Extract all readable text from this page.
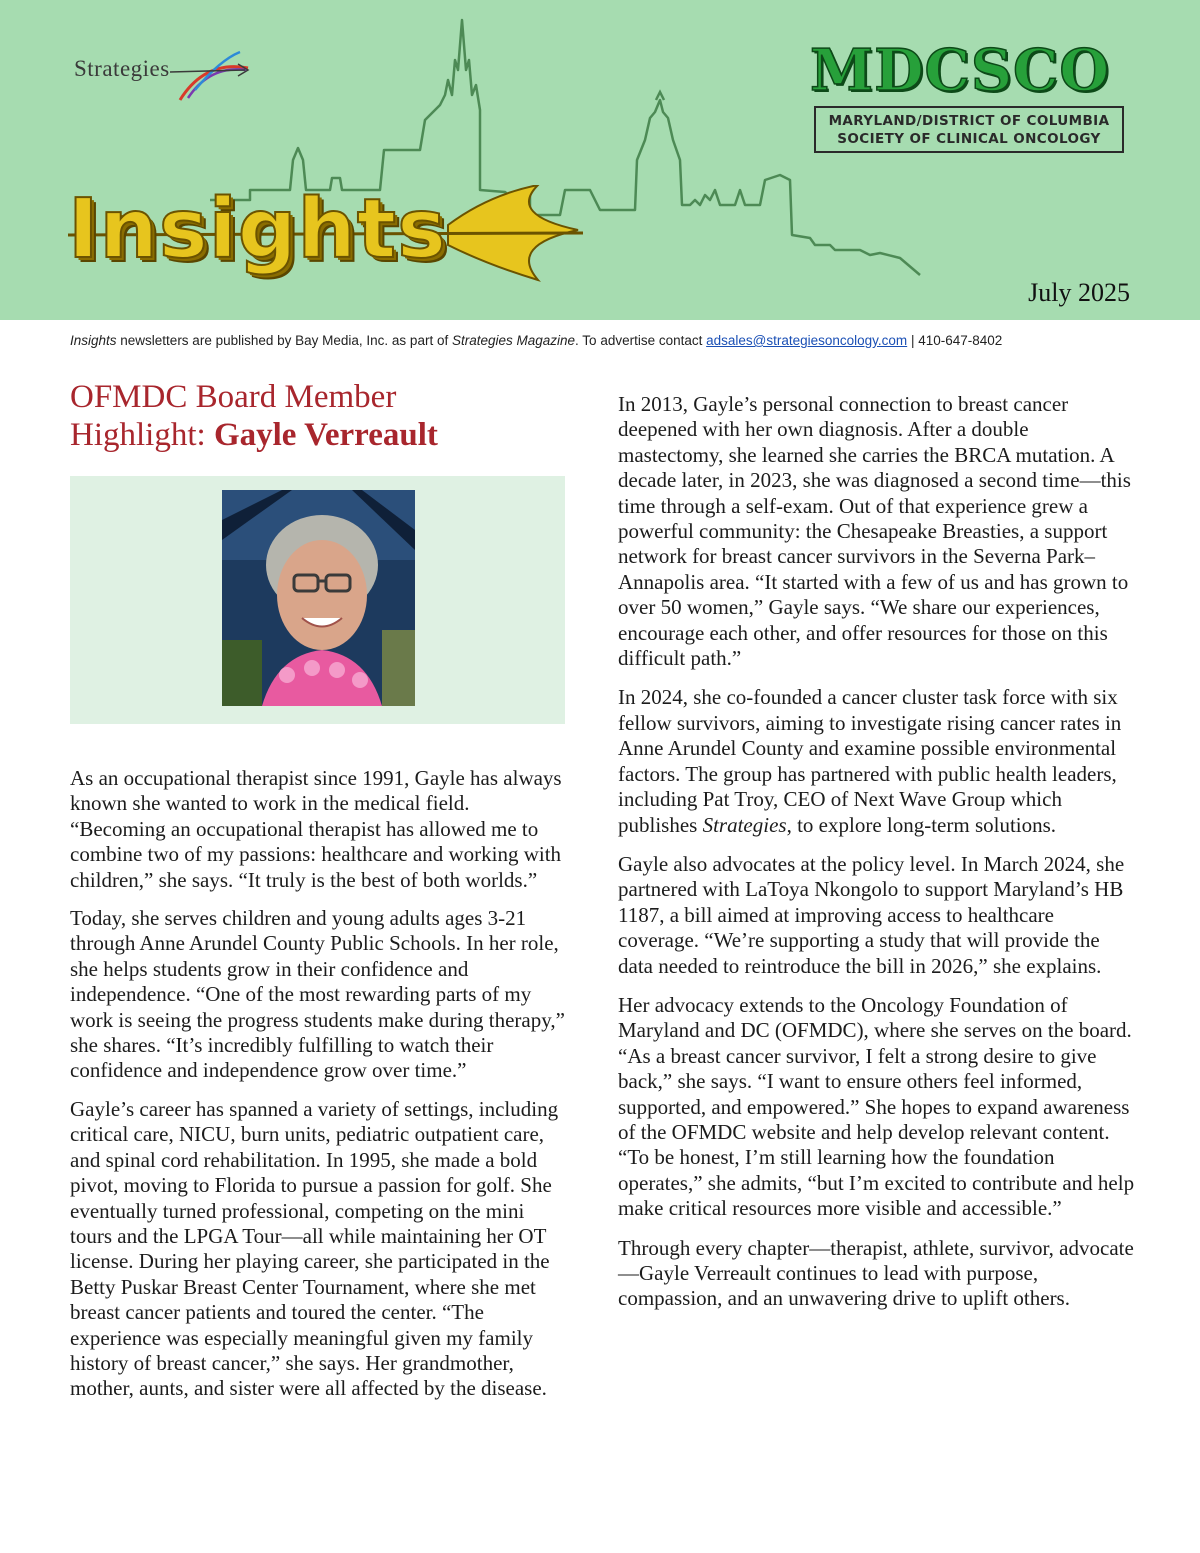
Strategies
Insights
MDCSCO
MARYLAND/DISTRICT OF COLUMBIA
SOCIETY OF CLINICAL ONCOLOGY
July 2025
Insights newsletters are published by Bay Media, Inc. as part of Strategies Magazine. To advertise contact adsales@strategiesoncology.com | 410-647-8402
OFMDC Board Member
Highlight: Gayle Verreault

As an occupational therapist since 1991, Gayle has always known she wanted to work in the medical field. “Becoming an occupational therapist has allowed me to combine two of my passions: healthcare and working with children,” she says. “It truly is the best of both worlds.”

Today, she serves children and young adults ages 3-21 through Anne Arundel County Public Schools. In her role, she helps students grow in their confidence and independence. “One of the most rewarding parts of my work is seeing the progress students make during therapy,” she shares. “It’s incredibly fulfilling to watch their confidence and independence grow over time.”

Gayle’s career has spanned a variety of settings, including critical care, NICU, burn units, pediatric outpatient care, and spinal cord rehabilitation. In 1995, she made a bold pivot, moving to Florida to pursue a passion for golf. She eventually turned professional, competing on the mini tours and the LPGA Tour—all while maintaining her OT license. During her playing career, she participated in the Betty Puskar Breast Center Tournament, where she met breast cancer patients and toured the center. “The experience was especially meaningful given my family history of breast cancer,” she says. Her grandmother, mother, aunts, and sister were all affected by the disease.

In 2013, Gayle’s personal connection to breast cancer deepened with her own diagnosis. After a double mastectomy, she learned she carries the BRCA mutation. A decade later, in 2023, she was diagnosed a second time—this time through a self-exam. Out of that experience grew a powerful community: the Chesapeake Breasties, a support network for breast cancer survivors in the Severna Park–Annapolis area. “It started with a few of us and has grown to over 50 women,” Gayle says. “We share our experiences, encourage each other, and offer resources for those on this difficult path.”

In 2024, she co-founded a cancer cluster task force with six fellow survivors, aiming to investigate rising cancer rates in Anne Arundel County and examine possible environmental factors. The group has partnered with public health leaders, including Pat Troy, CEO of Next Wave Group which publishes Strategies, to explore long-term solutions.

Gayle also advocates at the policy level. In March 2024, she partnered with LaToya Nkongolo to support Maryland’s HB 1187, a bill aimed at improving access to healthcare coverage. “We’re supporting a study that will provide the data needed to reintroduce the bill in 2026,” she explains.

Her advocacy extends to the Oncology Foundation of Maryland and DC (OFMDC), where she serves on the board. “As a breast cancer survivor, I felt a strong desire to give back,” she says. “I want to ensure others feel informed, supported, and empowered.” She hopes to expand awareness of the OFMDC website and help develop relevant content. “To be honest, I’m still learning how the foundation operates,” she admits, “but I’m excited to contribute and help make critical resources more visible and accessible.”

Through every chapter—therapist, athlete, survivor, advocate—Gayle Verreault continues to lead with purpose, compassion, and an unwavering drive to uplift others.
